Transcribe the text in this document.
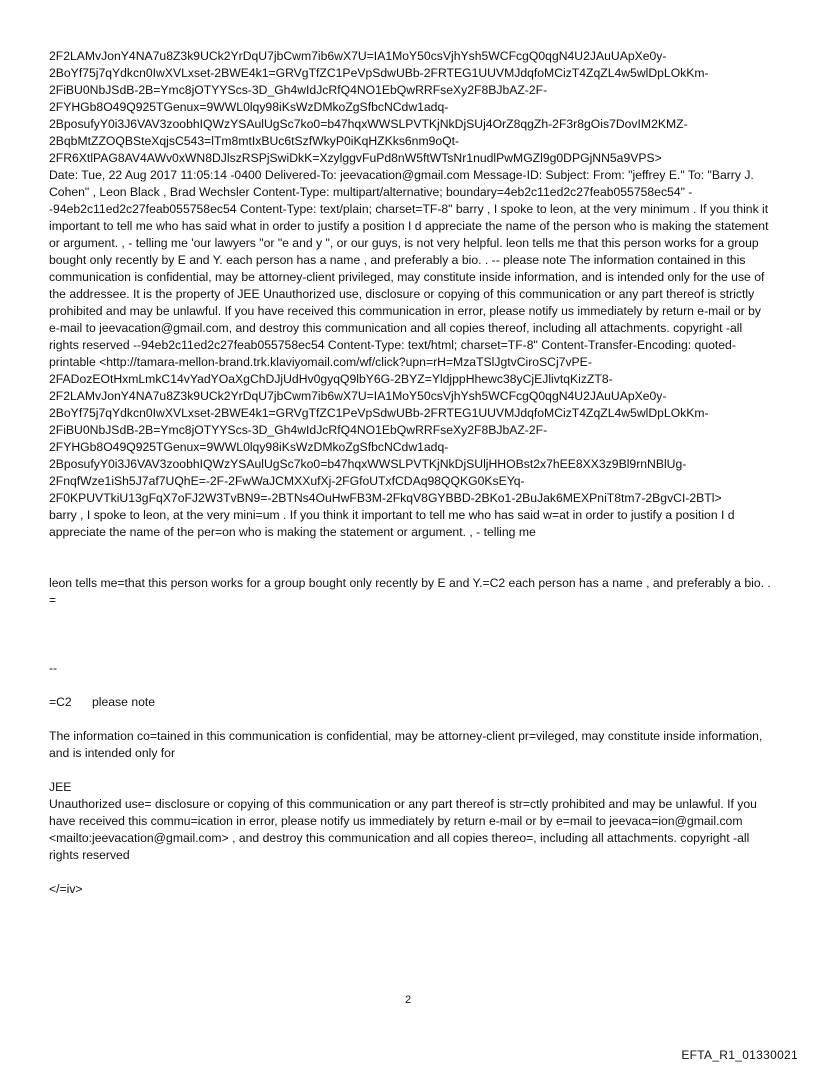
2F2LAMvJonY4NA7u8Z3k9UCk2YrDqU7jbCwm7ib6wX7U=IA1MoY50csVjhYsh5WCFcgQ0qgN4U2JAuUApXe0y-
2BoYf75j7qYdkcn0IwXVLxset-2BWE4k1=GRVgTfZC1PeVpSdwUBb-2FRTEG1UUVMJdqfoMCizT4ZqZL4w5wlDpLOkKm-
2FiBU0NbJSdB-2B=Ymc8jOTYYScs-3D_Gh4wIdJcRfQ4NO1EbQwRRFseXy2F8BJbAZ-2F-
2FYHGb8O49Q925TGenux=9WWL0lqy98iKsWzDMkoZgSfbcNCdw1adq-
2BposufyY0i3J6VAV3zoobhIQWzYSAulUgSc7ko0=b47hqxWWSLPVTKjNkDjSUj4OrZ8qgZh-2F3r8gOis7DovIM2KMZ-
2BqbMtZZOQBSteXqjsC543=lTm8mtIxBUc6tSzfWkyP0iKqHZKks6nm9oQt-
2FR6XtlPAG8AV4AWv0xWN8DJlszRSPjSwiDkK=XzylggvFuPd8nW5ftWTsNr1nudlPwMGZl9g0DPGjNN5a9VPS>
Date: Tue, 22 Aug 2017 11:05:14 -0400 Delivered-To: jeevacation@gmail.com Message-ID: Subject: From: "jeffrey E." To: "Barry J. Cohen" , Leon Black , Brad Wechsler Content-Type: multipart/alternative; boundary=4eb2c11ed2c27feab055758ec54" --94eb2c11ed2c27feab055758ec54 Content-Type: text/plain; charset=TF-8" barry , I spoke to leon, at the very minimum . If you think it important to tell me who has said what in order to justify a position I d appreciate the name of the person who is making the statement or argument. , - telling me 'our lawyers "or "e and y ", or our guys, is not very helpful. leon tells me that this person works for a group bought only recently by E and Y. each person has a name , and preferably a bio. . -- please note The information contained in this communication is confidential, may be attorney-client privileged, may constitute inside information, and is intended only for the use of the addressee. It is the property of JEE Unauthorized use, disclosure or copying of this communication or any part thereof is strictly prohibited and may be unlawful. If you have received this communication in error, please notify us immediately by return e-mail or by e-mail to jeevacation@gmail.com, and destroy this communication and all copies thereof, including all attachments. copyright -all rights reserved --94eb2c11ed2c27feab055758ec54 Content-Type: text/html; charset=TF-8" Content-Transfer-Encoding: quoted-printable <http://tamara-mellon-brand.trk.klaviyomail.com/wf/click?upn=rH=MzaTSlJgtvCiroSCj7vPE-
2FADozEOtHxmLmkC14vYadYOaXgChDJjUdHv0gyqQ9lbY6G-2BYZ=YldjppHhewc38yCjEJlivtqKizZT8-
2F2LAMvJonY4NA7u8Z3k9UCk2YrDqU7jbCwm7ib6wX7U=IA1MoY50csVjhYsh5WCFcgQ0qgN4U2JAuUApXe0y-
2BoYf75j7qYdkcn0IwXVLxset-2BWE4k1=GRVgTfZC1PeVpSdwUBb-2FRTEG1UUVMJdqfoMCizT4ZqZL4w5wlDpLOkKm-
2FiBU0NbJSdB-2B=Ymc8jOTYYScs-3D_Gh4wIdJcRfQ4NO1EbQwRRFseXy2F8BJbAZ-2F-
2FYHGb8O49Q925TGenux=9WWL0lqy98iKsWzDMkoZgSfbcNCdw1adq-
2BposufyY0i3J6VAV3zoobhIQWzYSAulUgSc7ko0=b47hqxWWSLPVTKjNkDjSUljHHOBst2x7hEE8XX3z9Bl9rnNBlUg-
2FnqfWze1iSh5J7af7UQhE=-2F-2FwWaJCMXXufXj-2FGfoUTxfCDAq98QQKG0KsEYq-
2F0KPUVTkiU13gFqX7oFJ2W3TvBN9=-2BTNs4OuHwFB3M-2FkqV8GYBBD-2BKo1-2BuJak6MEXPniT8tm7-2BgvCI-2BTl>
barry , I spoke to leon, at the very mini=um . If you think it important to tell me who has said w=at in order to justify a position I d appreciate the name of the per=on who is making the statement or argument. , - telling me
leon tells me=that this person works for a group bought only recently by E and Y.=C2 each person has a name , and preferably a bio. . =
--
=C2      please note
The information co=tained in this communication is confidential, may be attorney-client pr=vileged, may constitute inside information, and is intended only for
JEE
Unauthorized use= disclosure or copying of this communication or any part thereof is str=ctly prohibited and may be unlawful. If you have received this commu=ication in error, please notify us immediately by return e-mail or by e=mail to jeevaca=ion@gmail.com <mailto:jeevacation@gmail.com> , and destroy this communication and all copies thereo=, including all attachments. copyright -all rights reserved
</=iv>
2
EFTA_R1_01330021
